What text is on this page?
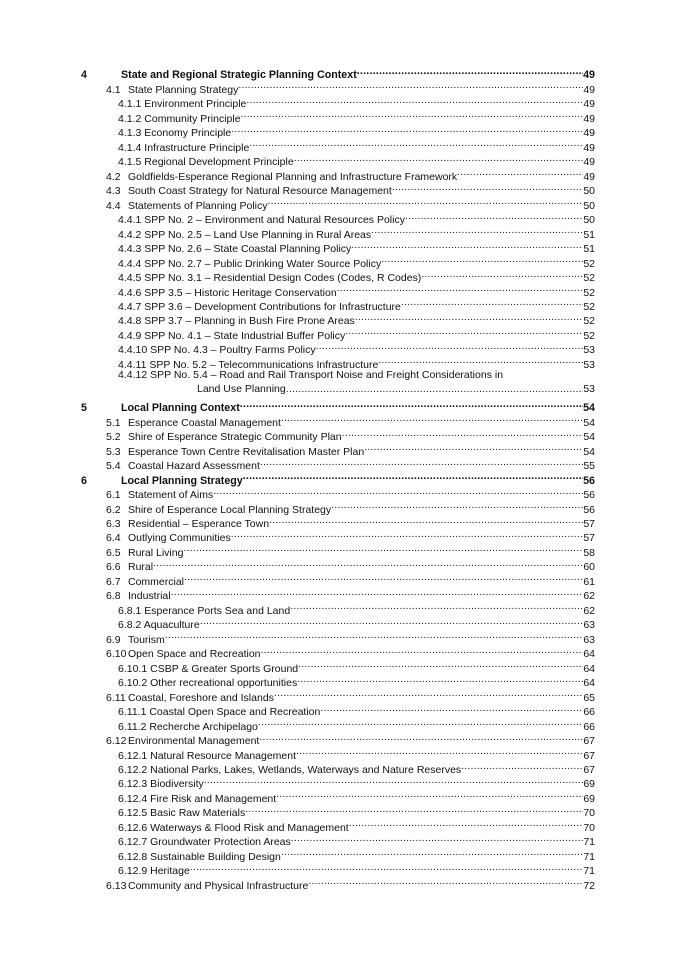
4	State and Regional Strategic Planning Context .....	49
4.1 State Planning Strategy .....	49
4.1.1 Environment Principle .....	49
4.1.2 Community Principle .....	49
4.1.3 Economy Principle .....	49
4.1.4 Infrastructure Principle .....	49
4.1.5 Regional Development Principle .....	49
4.2 Goldfields-Esperance Regional Planning and Infrastructure Framework .....	49
4.3 South Coast Strategy for Natural Resource Management .....	50
4.4 Statements of Planning Policy .....	50
4.4.1 SPP No. 2 – Environment and Natural Resources Policy .....	50
4.4.2 SPP No. 2.5 – Land Use Planning in Rural Areas .....	51
4.4.3 SPP No. 2.6 – State Coastal Planning Policy .....	51
4.4.4 SPP No. 2.7 – Public Drinking Water Source Policy .....	52
4.4.5 SPP No. 3.1 – Residential Design Codes (Codes, R Codes) .....	52
4.4.6 SPP 3.5 – Historic Heritage Conservation .....	52
4.4.7 SPP 3.6 – Development Contributions for Infrastructure .....	52
4.4.8 SPP 3.7 – Planning in Bush Fire Prone Areas .....	52
4.4.9 SPP No. 4.1 – State Industrial Buffer Policy .....	52
4.4.10 SPP No. 4.3 – Poultry Farms Policy .....	53
4.4.11 SPP No. 5.2 – Telecommunications Infrastructure .....	53
4.4.12 SPP No. 5.4 – Road and Rail Transport Noise and Freight Considerations in
Land Use Planning .....	53
5	Local Planning Context .....	54
5.1 Esperance Coastal Management .....	54
5.2 Shire of Esperance Strategic Community Plan .....	54
5.3 Esperance Town Centre Revitalisation Master Plan .....	54
5.4 Coastal Hazard Assessment .....	55
6	Local Planning Strategy .....	56
6.1 Statement of Aims .....	56
6.2 Shire of Esperance Local Planning Strategy .....	56
6.3 Residential – Esperance Town .....	57
6.4 Outlying Communities .....	57
6.5 Rural Living .....	58
6.6 Rural .....	60
6.7 Commercial .....	61
6.8 Industrial .....	62
6.8.1 Esperance Ports Sea and Land .....	62
6.8.2 Aquaculture .....	63
6.9 Tourism .....	63
6.10 Open Space and Recreation .....	64
6.10.1 CSBP & Greater Sports Ground .....	64
6.10.2 Other recreational opportunities .....	64
6.11 Coastal, Foreshore and Islands .....	65
6.11.1 Coastal Open Space and Recreation .....	66
6.11.2 Recherche Archipelago .....	66
6.12 Environmental Management .....	67
6.12.1 Natural Resource Management .....	67
6.12.2 National Parks, Lakes, Wetlands, Waterways and Nature Reserves .....	67
6.12.3 Biodiversity .....	69
6.12.4 Fire Risk and Management .....	69
6.12.5 Basic Raw Materials .....	70
6.12.6 Waterways & Flood Risk and Management .....	70
6.12.7 Groundwater Protection Areas .....	71
6.12.8 Sustainable Building Design .....	71
6.12.9 Heritage .....	71
6.13 Community and Physical Infrastructure .....	72
